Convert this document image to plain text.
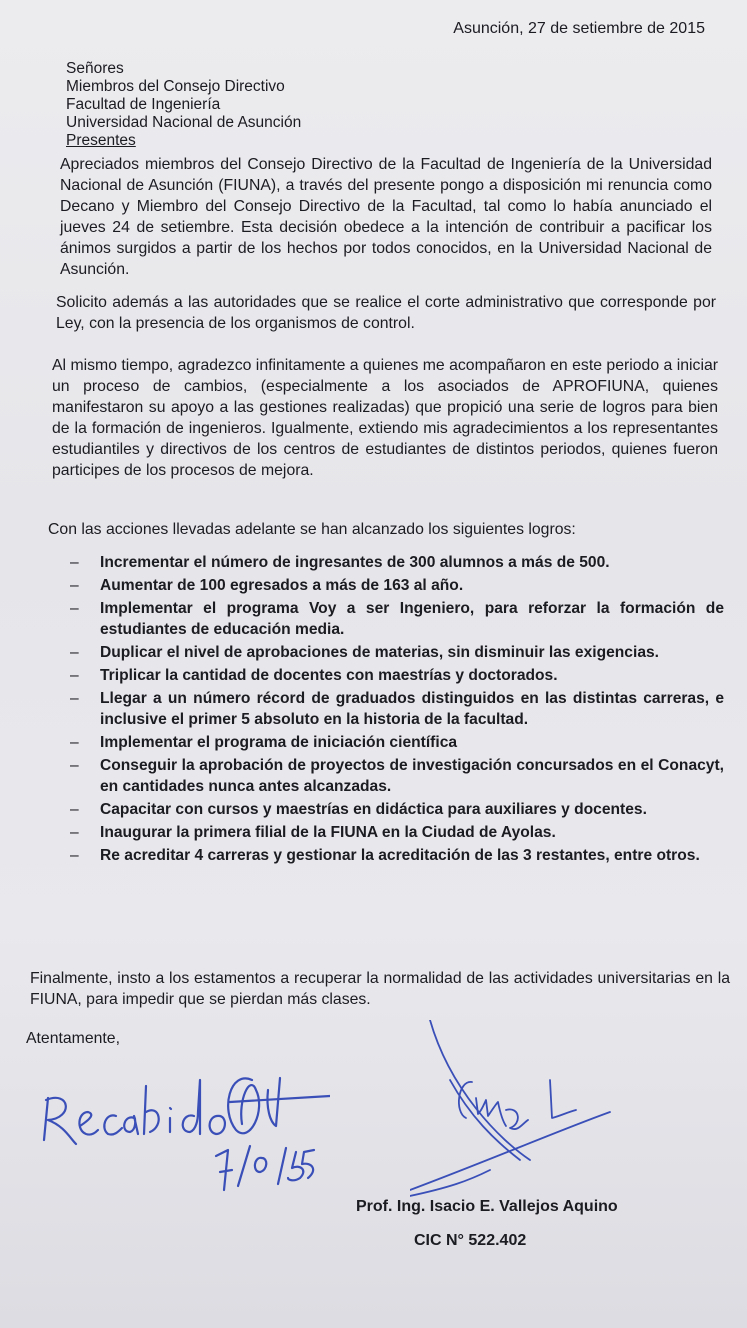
Asunción, 27 de setiembre de 2015
Señores
Miembros del Consejo Directivo
Facultad de Ingeniería
Universidad Nacional de Asunción
Presentes
Apreciados miembros del Consejo Directivo de la Facultad de Ingeniería de la Universidad Nacional de Asunción (FIUNA), a través del presente pongo a disposición mi renuncia como Decano y Miembro del Consejo Directivo de la Facultad, tal como lo había anunciado el jueves 24 de setiembre. Esta decisión obedece a la intención de contribuir a pacificar los ánimos surgidos a partir de los hechos por todos conocidos, en la Universidad Nacional de Asunción.
Solicito además a las autoridades que se realice el corte administrativo que corresponde por Ley, con la presencia de los organismos de control.
Al mismo tiempo, agradezco infinitamente a quienes me acompañaron en este periodo a iniciar un proceso de cambios, (especialmente a los asociados de APROFIUNA, quienes manifestaron su apoyo a las gestiones realizadas) que propició una serie de logros para bien de la formación de ingenieros. Igualmente, extiendo mis agradecimientos a los representantes estudiantiles y directivos de los centros de estudiantes de distintos periodos, quienes fueron participes de los procesos de mejora.
Con las acciones llevadas adelante se han alcanzado los siguientes logros:
– Incrementar el número de ingresantes de 300 alumnos a más de 500.
– Aumentar de 100 egresados a más de 163 al año.
– Implementar el programa Voy a ser Ingeniero, para reforzar la formación de estudiantes de educación media.
– Duplicar el nivel de aprobaciones de materias, sin disminuir las exigencias.
– Triplicar la cantidad de docentes con maestrías y doctorados.
– Llegar a un número récord de graduados distinguidos en las distintas carreras, e inclusive el primer 5 absoluto en la historia de la facultad.
– Implementar el programa de iniciación científica
– Conseguir la aprobación de proyectos de investigación concursados en el Conacyt, en cantidades nunca antes alcanzadas.
– Capacitar con cursos y maestrías en didáctica para auxiliares y docentes.
– Inaugurar la primera filial de la FIUNA en la Ciudad de Ayolas.
– Re acreditar 4 carreras y gestionar la acreditación de las 3 restantes, entre otros.
Finalmente, insto a los estamentos a recuperar la normalidad de las actividades universitarias en la FIUNA, para impedir que se pierdan más clases.
Atentamente,
Prof. Ing. Isacio E. Vallejos Aquino
CIC N° 522.402
